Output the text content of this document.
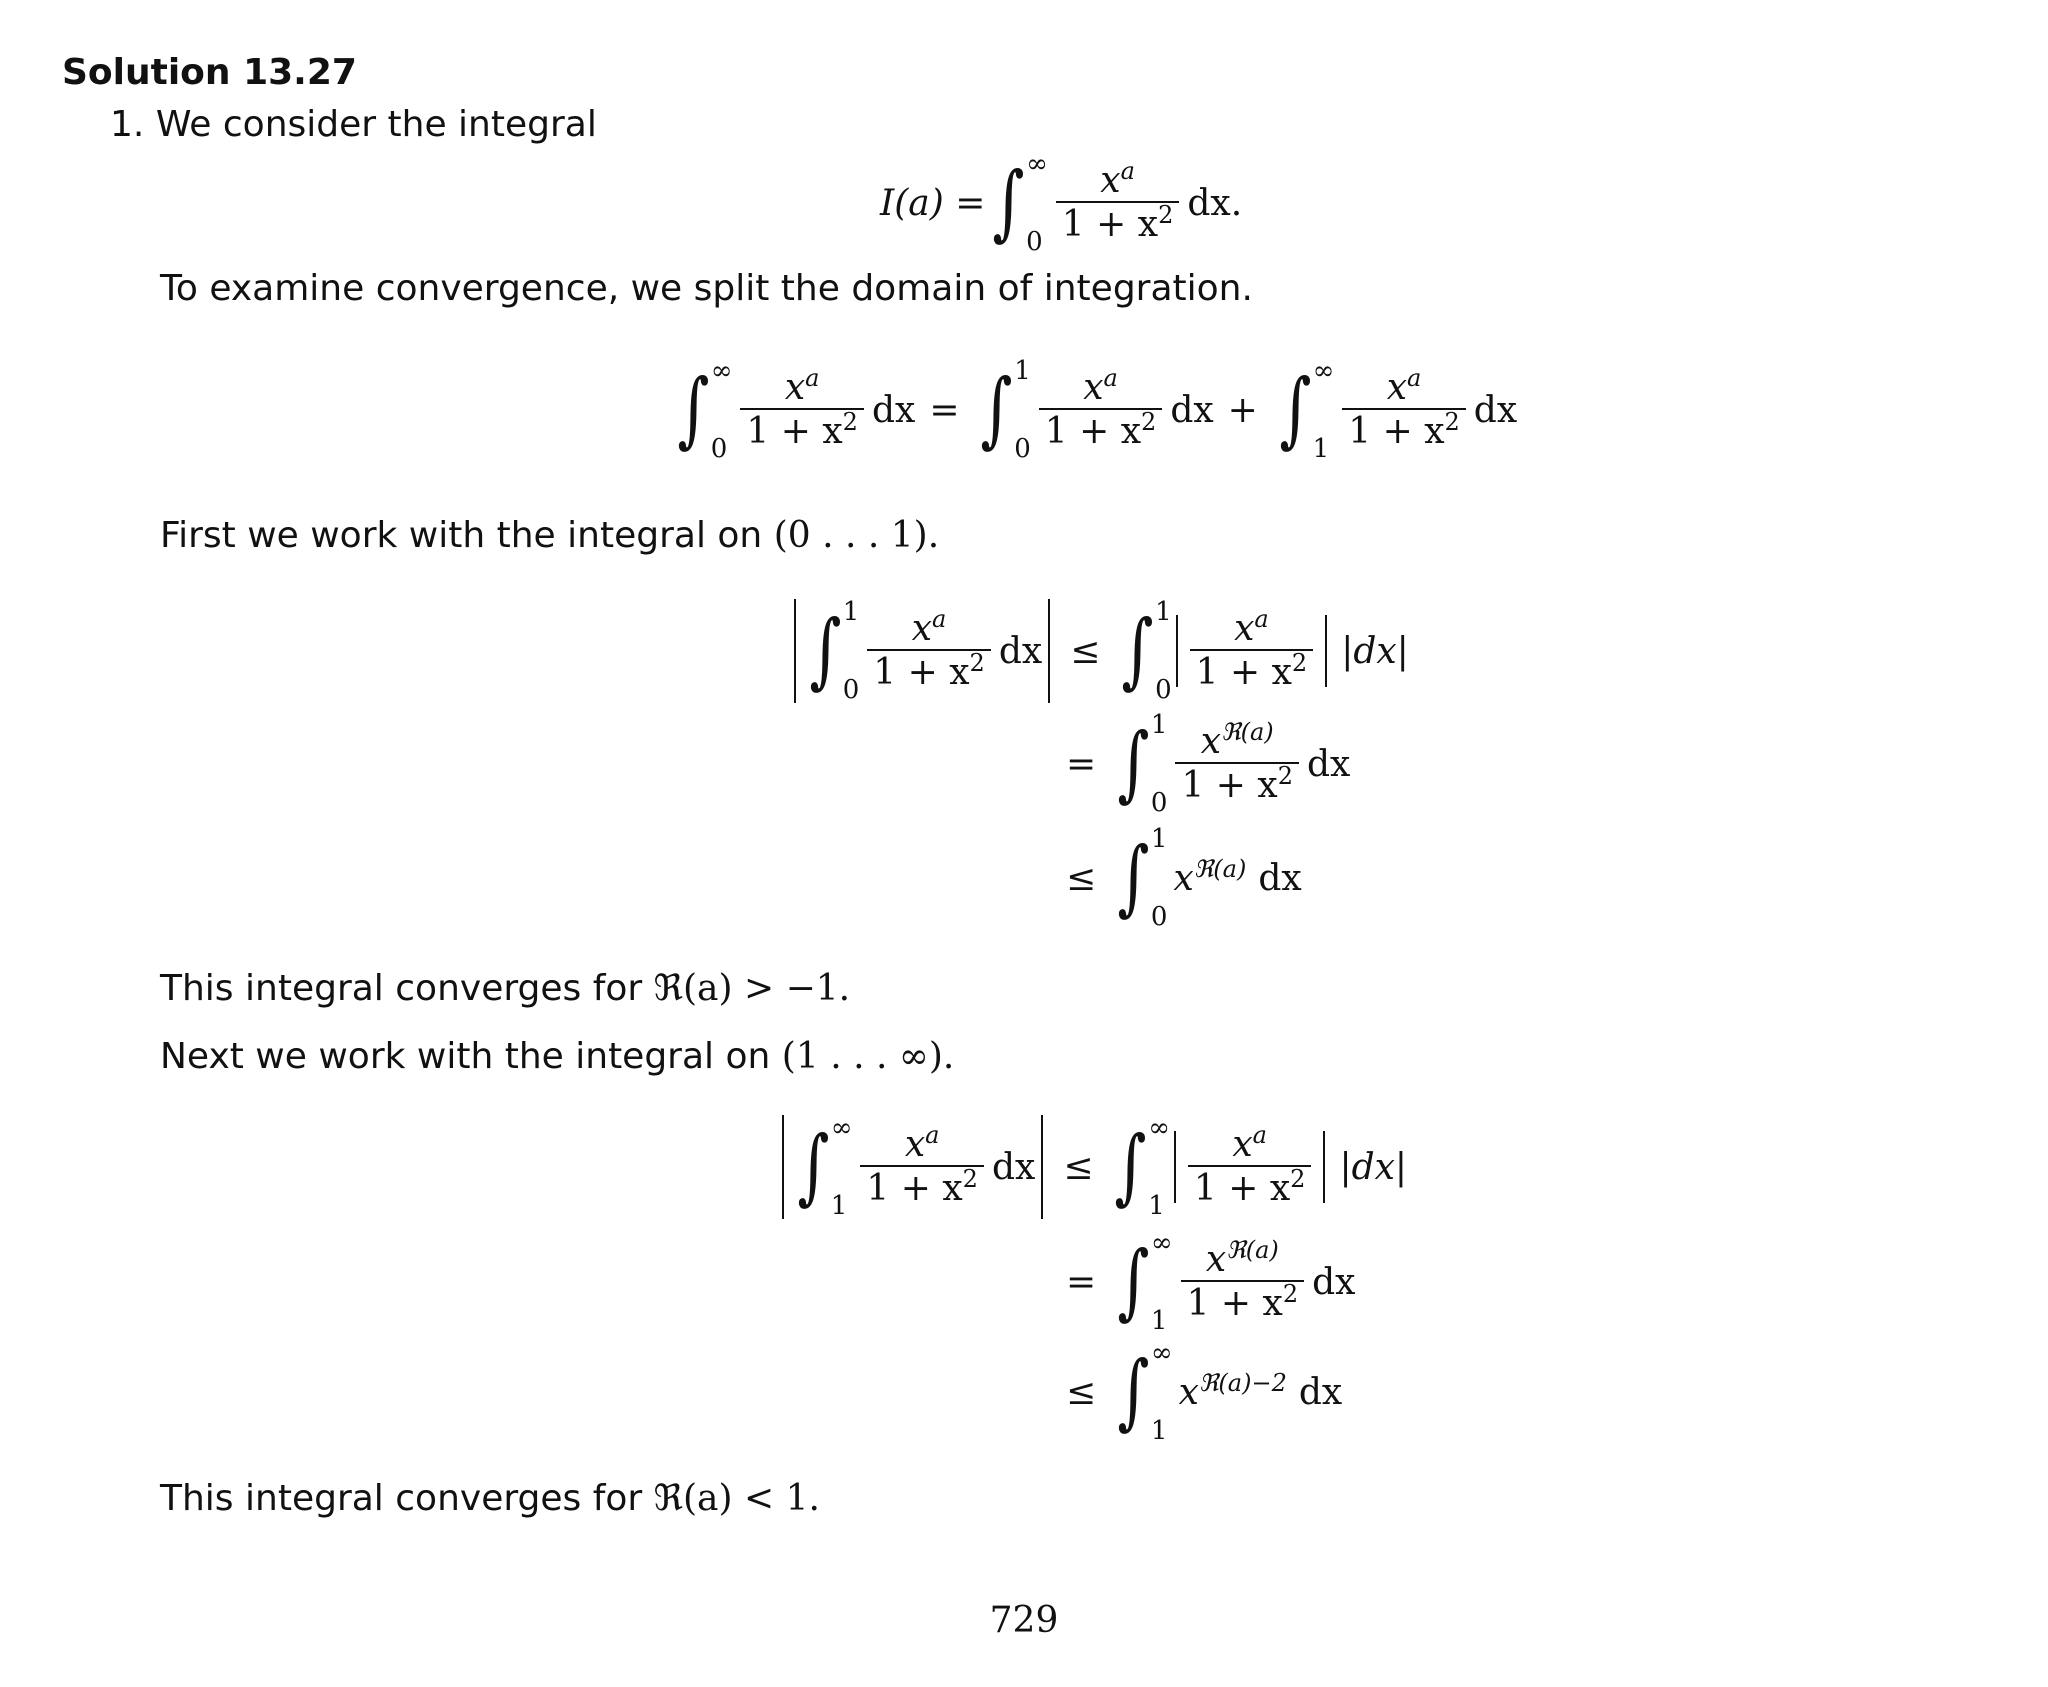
Solution 13.27
1. We consider the integral
I(a) = ∫ ∞
$0 \frac{x^a}{1 + x^2}$ dx.
To examine convergence, we split the domain of integration.
∫ ∞
$0 \frac{x^a}{1 + x^2}$ dx = ∫ 1
$0 \frac{x^a}{1 + x^2}$ dx + ∫ ∞
$1 \frac{x^a}{1 + x^2}$ dx
First we work with the integral on (0 . . . 1).
∫ 1
$0 \frac{x^a}{1 + x^2}$ dx ≤ ∫ 1
$0 \frac{x^a}{1 + x^2} |dx|$
= ∫ 1
$0 \frac{x^{ℜ(a)}}{1 + x^2}$ dx
≤ ∫ 1
0
$x^{ℜ(a)}$ dx
This integral converges for ℜ(a) > −1.
Next we work with the integral on (1 . . . ∞).
∫ ∞
$1 \frac{x^a}{1 + x^2}$ dx ≤ ∫ ∞
$1 \frac{x^a}{1 + x^2} |dx|$
= ∫ ∞
$1 \frac{x^{ℜ(a)}}{1 + x^2}$ dx
≤ ∫ ∞
1
$x^{ℜ(a)-2}$ dx
This integral converges for ℜ(a) < 1.
729
